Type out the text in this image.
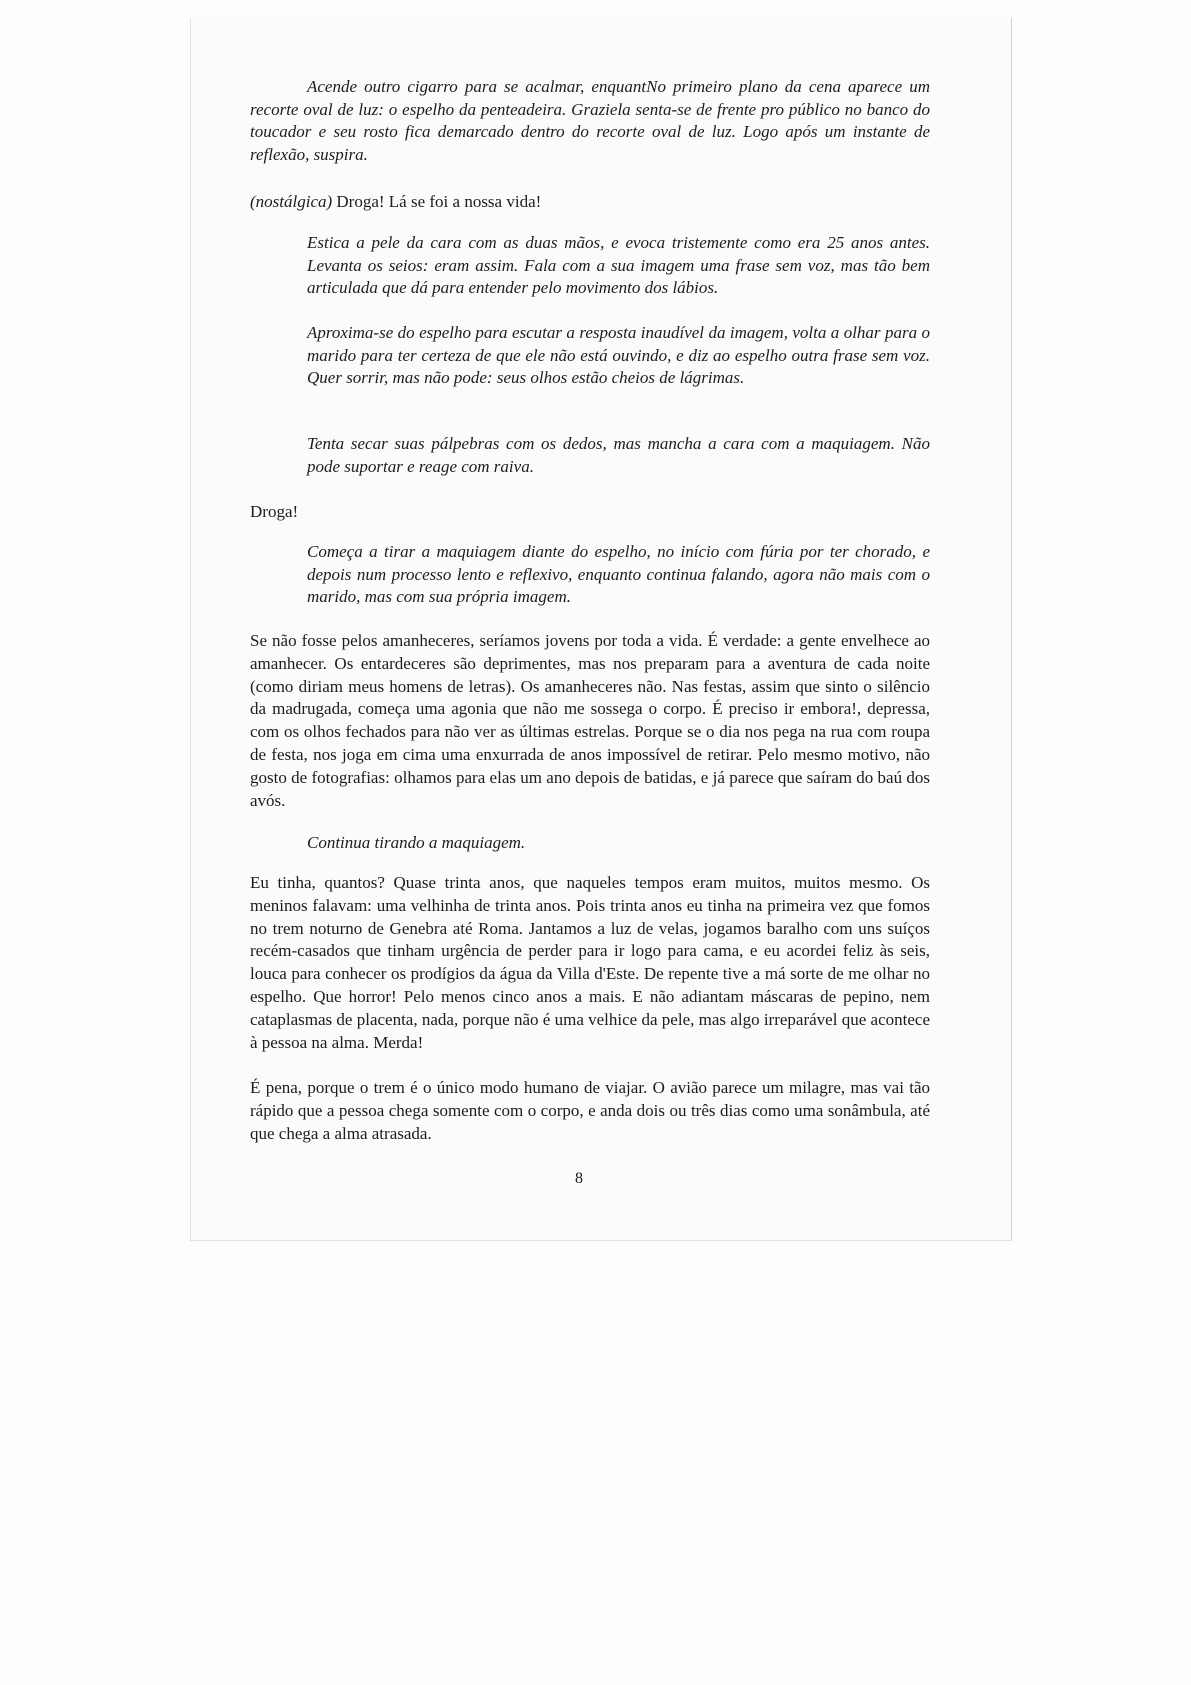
Acende outro cigarro para se acalmar, enquantNo primeiro plano da cena aparece um recorte oval de luz: o espelho da penteadeira. Graziela senta-se de frente pro público no banco do toucador e seu rosto fica demarcado dentro do recorte oval de luz. Logo após um instante de reflexão, suspira.

(nostálgica) Droga! Lá se foi a nossa vida!

Estica a pele da cara com as duas mãos, e evoca tristemente como era 25 anos antes. Levanta os seios: eram assim. Fala com a sua imagem uma frase sem voz, mas tão bem articulada que dá para entender pelo movimento dos lábios.

Aproxima-se do espelho para escutar a resposta inaudível da imagem, volta a olhar para o marido para ter certeza de que ele não está ouvindo, e diz ao espelho outra frase sem voz. Quer sorrir, mas não pode: seus olhos estão cheios de lágrimas.

Tenta secar suas pálpebras com os dedos, mas mancha a cara com a maquiagem. Não pode suportar e reage com raiva.

Droga!

Começa a tirar a maquiagem diante do espelho, no início com fúria por ter chorado, e depois num processo lento e reflexivo, enquanto continua falando, agora não mais com o marido, mas com sua própria imagem.

Se não fosse pelos amanheceres, seríamos jovens por toda a vida. É verdade: a gente envelhece ao amanhecer. Os entardeceres são deprimentes, mas nos preparam para a aventura de cada noite (como diriam meus homens de letras). Os amanheceres não. Nas festas, assim que sinto o silêncio da madrugada, começa uma agonia que não me sossega o corpo. É preciso ir embora!, depressa, com os olhos fechados para não ver as últimas estrelas. Porque se o dia nos pega na rua com roupa de festa, nos joga em cima uma enxurrada de anos impossível de retirar. Pelo mesmo motivo, não gosto de fotografias: olhamos para elas um ano depois de batidas, e já parece que saíram do baú dos avós.

Continua tirando a maquiagem.

Eu tinha, quantos? Quase trinta anos, que naqueles tempos eram muitos, muitos mesmo. Os meninos falavam: uma velhinha de trinta anos. Pois trinta anos eu tinha na primeira vez que fomos no trem noturno de Genebra até Roma. Jantamos a luz de velas, jogamos baralho com uns suíços recém-casados que tinham urgência de perder para ir logo para cama, e eu acordei feliz às seis, louca para conhecer os prodígios da água da Villa d'Este. De repente tive a má sorte de me olhar no espelho. Que horror! Pelo menos cinco anos a mais. E não adiantam máscaras de pepino, nem cataplasmas de placenta, nada, porque não é uma velhice da pele, mas algo irreparável que acontece à pessoa na alma. Merda!

É pena, porque o trem é o único modo humano de viajar. O avião parece um milagre, mas vai tão rápido que a pessoa chega somente com o corpo, e anda dois ou três dias como uma sonâmbula, até que chega a alma atrasada.

8
